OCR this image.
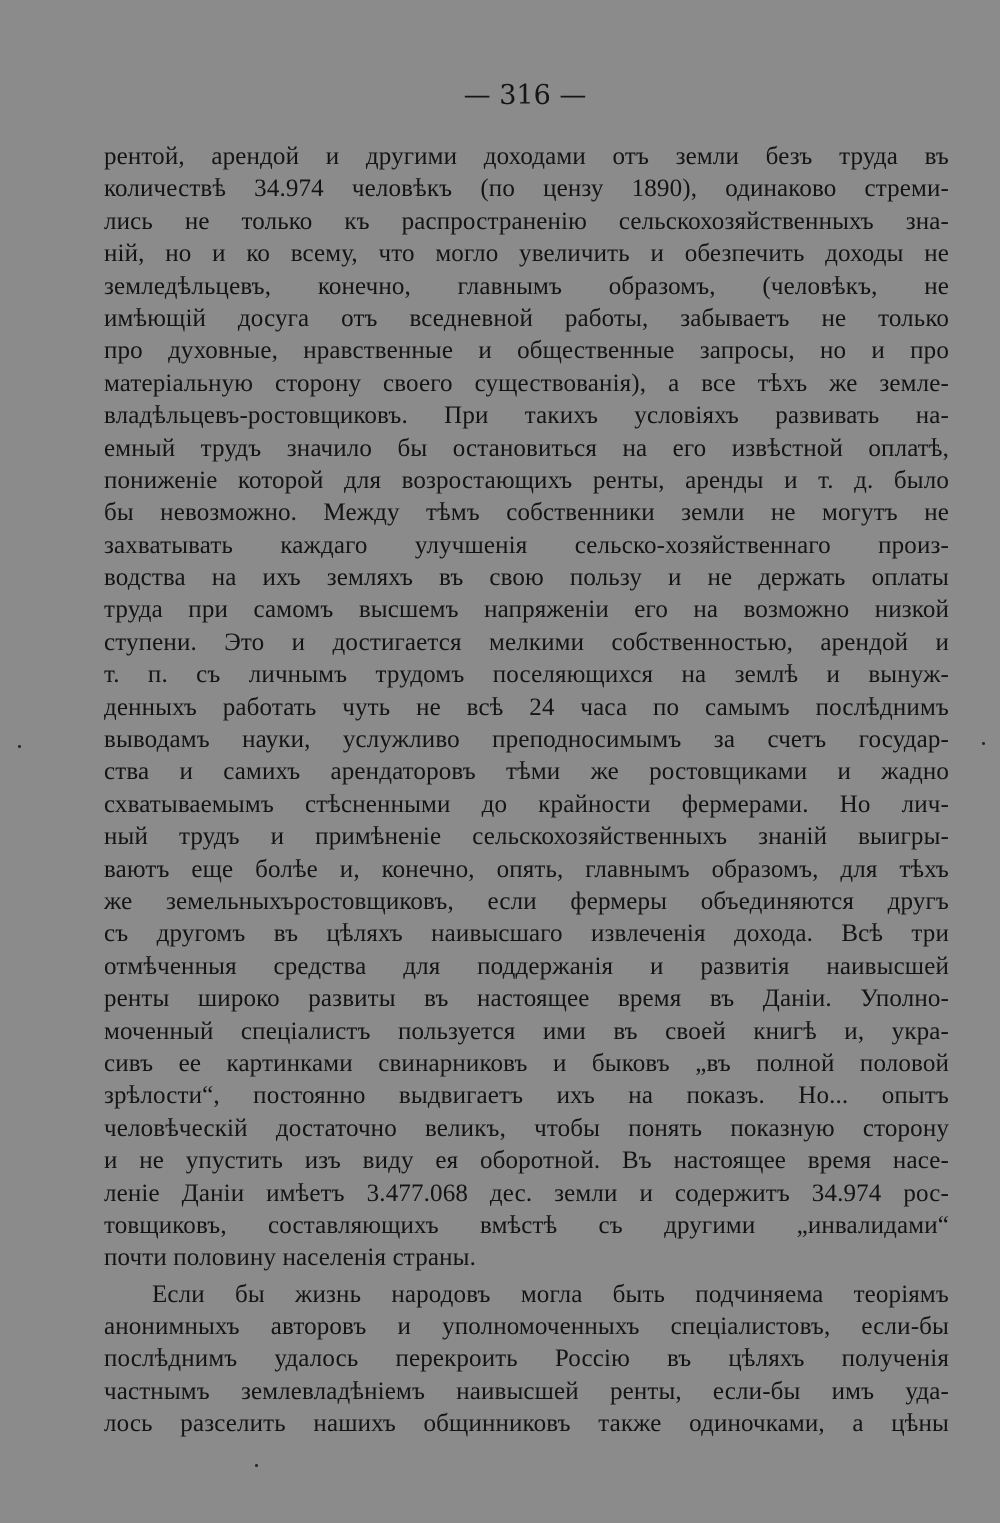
— 316 —
рентой, арендой и другими доходами отъ земли безъ труда въ
количествѣ 34.974 человѣкъ (по цензу 1890), одинаково стреми-
лись не только къ распространенію сельскохозяйственныхъ зна-
ній, но и ко всему, что могло увеличить и обезпечить доходы не
земледѣльцевъ, конечно, главнымъ образомъ, (человѣкъ, не
имѣющій досуга отъ вседневной работы, забываетъ не только
про духовные, нравственные и общественные запросы, но и про
матеріальную сторону своего существованія), а все тѣхъ же земле-
владѣльцевъ-ростовщиковъ. При такихъ условіяхъ развивать на-
емный трудъ значило бы остановиться на его извѣстной оплатѣ,
пониженіе которой для возростающихъ ренты, аренды и т. д. было
бы невозможно. Между тѣмъ собственники земли не могутъ не
захватывать каждаго улучшенія сельско-хозяйственнаго произ-
водства на ихъ земляхъ въ свою пользу и не держать оплаты
труда при самомъ высшемъ напряженіи его на возможно низкой
ступени. Это и достигается мелкими собственностью, арендой и
т. п. съ личнымъ трудомъ поселяющихся на землѣ и вынуж-
денныхъ работать чуть не всѣ 24 часа по самымъ послѣднимъ
выводамъ науки, услужливо преподносимымъ за счетъ государ-
ства и самихъ арендаторовъ тѣми же ростовщиками и жадно
схватываемымъ стѣсненными до крайности фермерами. Но лич-
ный трудъ и примѣненіе сельскохозяйственныхъ знаній выигры-
ваютъ еще болѣе и, конечно, опять, главнымъ образомъ, для тѣхъ
же земельныхъростовщиковъ, если фермеры объединяются другъ
съ другомъ въ цѣляхъ наивысшаго извлеченія дохода. Всѣ три
отмѣченныя средства для поддержанія и развитія наивысшей
ренты широко развиты въ настоящее время въ Даніи. Уполно-
моченный спеціалистъ пользуется ими въ своей книгѣ и, укра-
сивъ ее картинками свинарниковъ и быковъ „въ полной половой
зрѣлости“, постоянно выдвигаетъ ихъ на показъ. Но... опытъ
человѣческій достаточно великъ, чтобы понять показную сторону
и не упустить изъ виду ея оборотной. Въ настоящее время насе-
леніе Даніи имѣетъ 3.477.068 дес. земли и содержитъ 34.974 рос-
товщиковъ, составляющихъ вмѣстѣ съ другими „инвалидами“
почти половину населенія страны.
Если бы жизнь народовъ могла быть подчиняема теоріямъ
анонимныхъ авторовъ и уполномоченныхъ спеціалистовъ, если-бы
послѣднимъ удалось перекроить Россію въ цѣляхъ полученія
частнымъ землевладѣніемъ наивысшей ренты, если-бы имъ уда-
лось разселить нашихъ общинниковъ также одиночками, а цѣны
